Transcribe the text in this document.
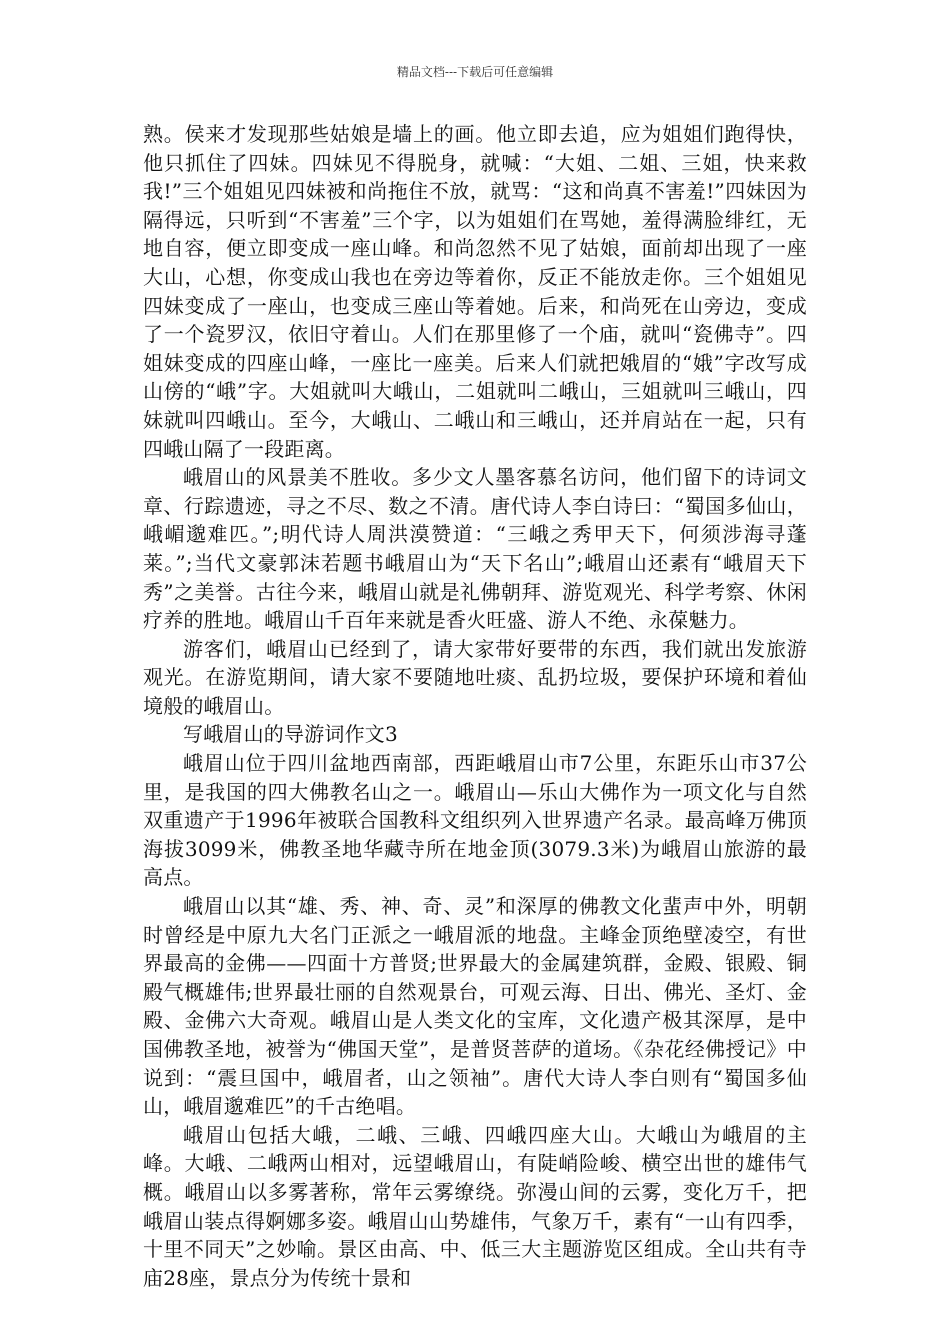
精品文档---下载后可任意编辑

熟。侯来才发现那些姑娘是墙上的画。他立即去追，应为姐姐们跑得快，他只抓住了四妹。四妹见不得脱身，就喊：“大姐、二姐、三姐，快来救我!”三个姐姐见四妹被和尚拖住不放，就骂：“这和尚真不害羞!”四妹因为隔得远，只听到“不害羞”三个字，以为姐姐们在骂她，羞得满脸绯红，无地自容，便立即变成一座山峰。和尚忽然不见了姑娘，面前却出现了一座大山，心想，你变成山我也在旁边等着你，反正不能放走你。三个姐姐见四妹变成了一座山，也变成三座山等着她。后来，和尚死在山旁边，变成了一个瓷罗汉，依旧守着山。人们在那里修了一个庙，就叫“瓷佛寺”。四姐妹变成的四座山峰，一座比一座美。后来人们就把娥眉的“娥”字改写成山傍的“峨”字。大姐就叫大峨山，二姐就叫二峨山，三姐就叫三峨山，四妹就叫四峨山。至今，大峨山、二峨山和三峨山，还并肩站在一起，只有四峨山隔了一段距离。

峨眉山的风景美不胜收。多少文人墨客慕名访问，他们留下的诗词文章、行踪遗迹，寻之不尽、数之不清。唐代诗人李白诗曰：“蜀国多仙山，峨嵋邈难匹。”;明代诗人周洪漠赞道：“三峨之秀甲天下，何须涉海寻蓬莱。”;当代文豪郭沫若题书峨眉山为“天下名山”;峨眉山还素有“峨眉天下秀”之美誉。古往今来，峨眉山就是礼佛朝拜、游览观光、科学考察、休闲疗养的胜地。峨眉山千百年来就是香火旺盛、游人不绝、永葆魅力。

游客们，峨眉山已经到了，请大家带好要带的东西，我们就出发旅游观光。在游览期间，请大家不要随地吐痰、乱扔垃圾，要保护环境和着仙境般的峨眉山。

写峨眉山的导游词作文3

峨眉山位于四川盆地西南部，西距峨眉山市7公里，东距乐山市37公里，是我国的四大佛教名山之一。峨眉山—乐山大佛作为一项文化与自然双重遗产于1996年被联合国教科文组织列入世界遗产名录。最高峰万佛顶海拔3099米，佛教圣地华藏寺所在地金顶(3079.3米)为峨眉山旅游的最高点。

峨眉山以其“雄、秀、神、奇、灵”和深厚的佛教文化蜚声中外，明朝时曾经是中原九大名门正派之一峨眉派的地盘。主峰金顶绝壁凌空，有世界最高的金佛——四面十方普贤;世界最大的金属建筑群，金殿、银殿、铜殿气概雄伟;世界最壮丽的自然观景台，可观云海、日出、佛光、圣灯、金殿、金佛六大奇观。峨眉山是人类文化的宝库，文化遗产极其深厚，是中国佛教圣地，被誉为“佛国天堂”，是普贤菩萨的道场。《杂花经佛授记》中说到：“震旦国中，峨眉者，山之领袖”。唐代大诗人李白则有“蜀国多仙山，峨眉邈难匹”的千古绝唱。

峨眉山包括大峨，二峨、三峨、四峨四座大山。大峨山为峨眉的主峰。大峨、二峨两山相对，远望峨眉山，有陡峭险峻、横空出世的雄伟气概。峨眉山以多雾著称，常年云雾缭绕。弥漫山间的云雾，变化万千，把峨眉山装点得婀娜多姿。峨眉山山势雄伟，气象万千，素有“一山有四季，十里不同天”之妙喻。景区由高、中、低三大主题游览区组成。全山共有寺庙28座，景点分为传统十景和
